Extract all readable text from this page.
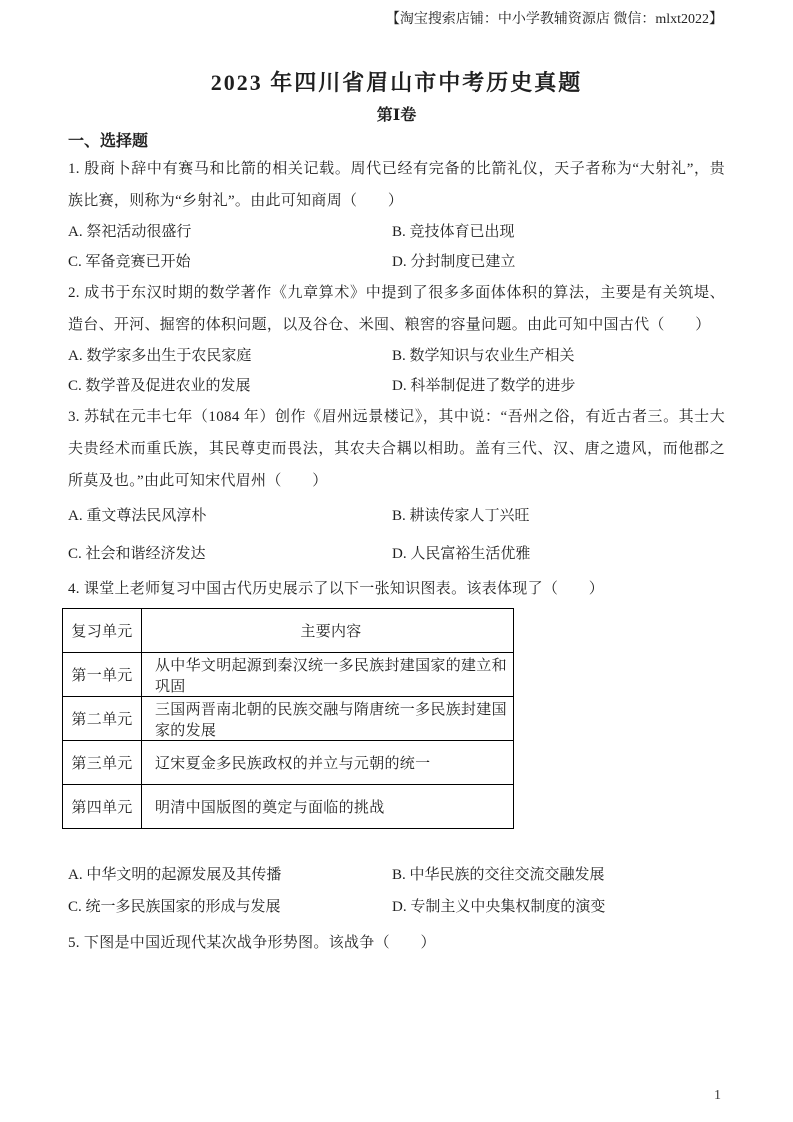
【淘宝搜索店铺：中小学教辅资源店 微信：mlxt2022】
2023 年四川省眉山市中考历史真题
第Ⅰ卷
一、选择题

1. 殷商卜辞中有赛马和比箭的相关记载。周代已经有完备的比箭礼仪，天子者称为“大射礼”，贵族比赛，则称为“乡射礼”。由此可知商周（　　）

A. 祭祀活动很盛行	B. 竞技体育已出现
C. 军备竞赛已开始	D. 分封制度已建立

2. 成书于东汉时期的数学著作《九章算术》中提到了很多多面体体积的算法，主要是有关筑堤、造台、开河、掘窖的体积问题，以及谷仓、米囤、粮窖的容量问题。由此可知中国古代（　　）

A. 数学家多出生于农民家庭	B. 数学知识与农业生产相关
C. 数学普及促进农业的发展	D. 科举制促进了数学的进步

3. 苏轼在元丰七年（1084 年）创作《眉州远景楼记》，其中说：“吾州之俗，有近古者三。其士大夫贵经术而重氏族，其民尊吏而畏法，其农夫合耦以相助。盖有三代、汉、唐之遗风，而他郡之所莫及也。”由此可知宋代眉州（　　）

A. 重文尊法民风淳朴	B. 耕读传家人丁兴旺
C. 社会和谐经济发达	D. 人民富裕生活优雅

4. 课堂上老师复习中国古代历史展示了以下一张知识图表。该表体现了（　　）

复习单元	主要内容
第一单元	从中华文明起源到秦汉统一多民族封建国家的建立和巩固
第二单元	三国两晋南北朝的民族交融与隋唐统一多民族封建国家的发展
第三单元	辽宋夏金多民族政权的并立与元朝的统一
第四单元	明清中国版图的奠定与面临的挑战
A. 中华文明的起源发展及其传播	B. 中华民族的交往交流交融发展
C. 统一多民族国家的形成与发展	D. 专制主义中央集权制度的演变

5. 下图是中国近现代某次战争形势图。该战争（　　）

1
